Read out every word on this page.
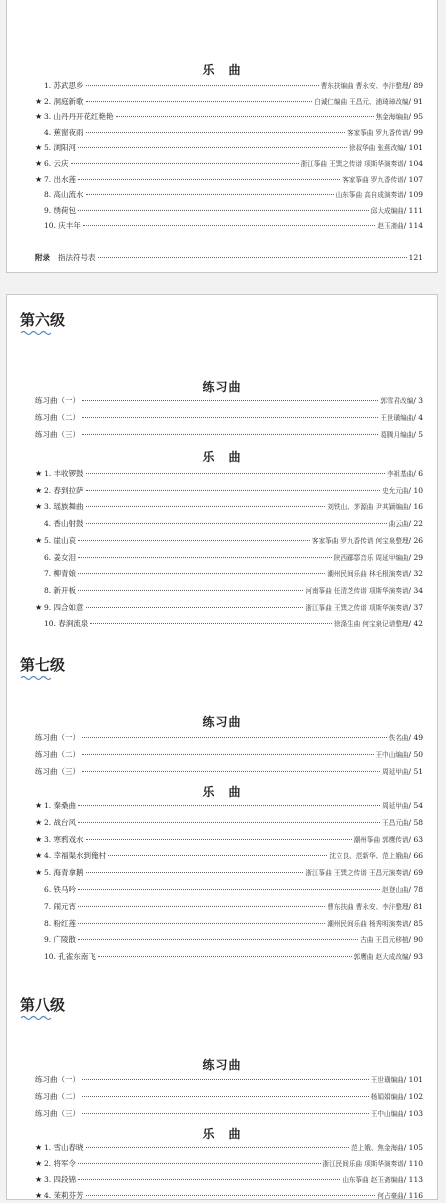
乐　曲
1. 苏武思乡	曹东扶编曲 曹永安、李汴整理 / 89
★ 2. 洞庭新歌	白诚仁编曲 王昌元、浦琦璋改编 / 91
★ 3. 山丹丹开花红艳艳	焦金海编曲 / 95
4. 蕉窗夜雨	客家筝曲 罗九香传谱 / 99
★ 5. 浏阳河	徐叔华曲 张燕改编 / 101
★ 6. 云庆	浙江筝曲 王巽之传谱 项斯华演奏谱 / 104
★ 7. 出水莲	客家筝曲 罗九香传谱 / 107
8. 高山流水	山东筝曲 高自成演奏谱 / 109
9. 绣荷包	邱大成编曲 / 111
10. 庆丰年	赵玉斋曲 / 114
附录 指法符号表	121
第六级
练习曲
练习曲（一）	郭雪君改编 / 3
练习曲（二）	王世璜编曲 / 4
练习曲（三）	葛腾月编曲 / 5
乐　曲
★ 1. 丰收锣鼓	李祖基曲 / 6
★ 2. 春到拉萨	史允元曲 / 10
★ 3. 瑶族舞曲	刘铁山、茅源曲 尹其颖编曲 / 16
4. 香山射鼓	曲云曲 / 22
★ 5. 崖山哀	客家筝曲 罗九香传谱 何宝泉整理 / 26
6. 姜女泪	陕西郿鄠音乐 周延甲编曲 / 29
7. 柳青娘	潮州民间乐曲 林毛根演奏谱 / 32
8. 新开板	河南筝曲 任清芝传谱 项斯华演奏谱 / 34
★ 9. 四合如意	浙江筝曲 王巽之传谱 项斯华演奏谱 / 37
10. 春涧流泉	徐涤生曲 何宝泉记谱整理 / 42
第七级
练习曲
练习曲（一）	佚名曲 / 49
练习曲（二）	王中山编曲 / 50
练习曲（三）	周延甲曲 / 51
乐　曲
★ 1. 秦桑曲	周延甲曲 / 54
★ 2. 战台风	王昌元曲 / 58
★ 3. 寒鸦戏水	潮州筝曲 郭鹰传谱 / 63
★ 4. 幸福渠水到俺村	沈立良、范新华、范上娥曲 / 66
★ 5. 海青拿鹅	浙江筝曲 王巽之传谱 王昌元演奏谱 / 69
6. 铁马吟	赵登山曲 / 78
7. 闹元宵	曹东扶曲 曹永安、李汴整理 / 81
8. 粉红莲	潮州民间乐曲 杨秀明演奏谱 / 85
9. 广陵散	古曲 王昌元移植 / 90
10. 孔雀东南飞	郭鹰曲 赵大成改编 / 93
第八级
练习曲
练习曲（一）	王世璜编曲 / 101
练习曲（二）	杨娟娟编曲 / 102
练习曲（三）	王中山编曲 / 103
乐　曲
★ 1. 雪山春晓	范上娥、焦金海曲 / 105
★ 2. 将军令	浙江民间乐曲 项斯华演奏谱 / 110
★ 3. 四段锦	山东筝曲 赵玉斋编曲 / 113
★ 4. 茉莉芬芳	何占豪曲 / 116
